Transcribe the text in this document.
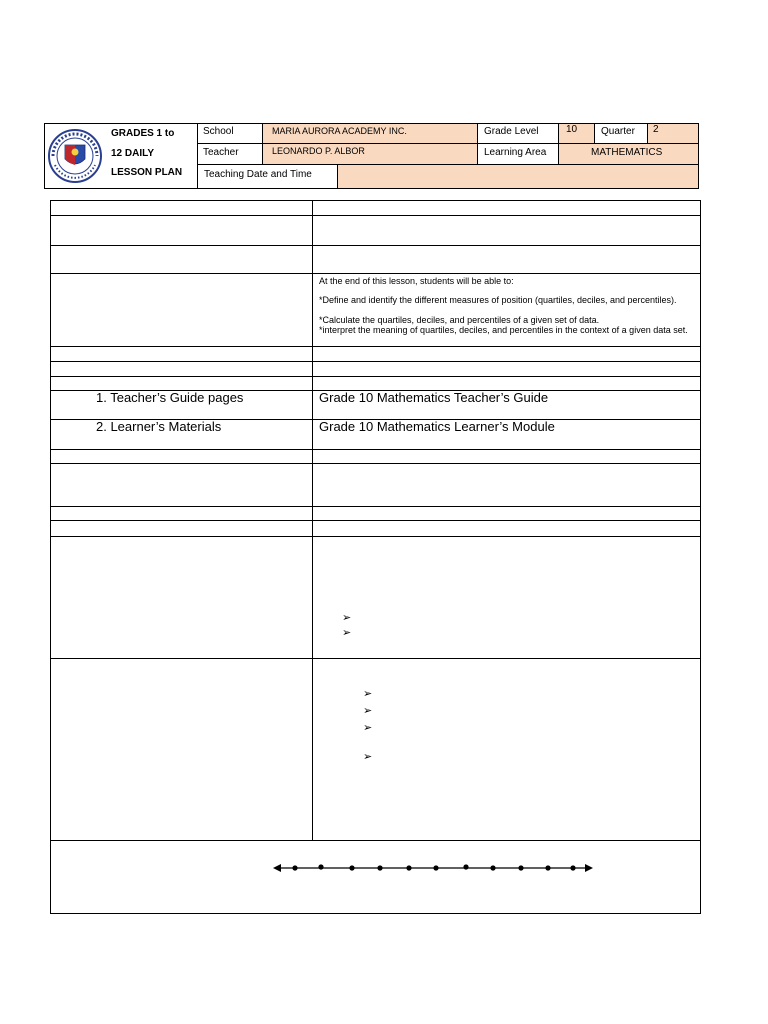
GRADES 1 to
12 DAILY
LESSON PLAN
School	MARIA AURORA ACADEMY INC.	Grade Level	10 Quarter 2
Teacher	LEONARDO P. ALBOR	Learning Area	MATHEMATICS
Teaching Date and Time
At the end of this lesson, students will be able to:
*Define and identify the different measures of position (quartiles, deciles, and percentiles).
*Calculate the quartiles, deciles, and percentiles of a given set of data.
*interpret the meaning of quartiles, deciles, and percentiles in the context of a given data set.
1. Teacher’s Guide pages	Grade 10 Mathematics Teacher’s Guide
2. Learner’s Materials	Grade 10 Mathematics Learner’s Module
➢
➢
➢
➢
➢
➢
